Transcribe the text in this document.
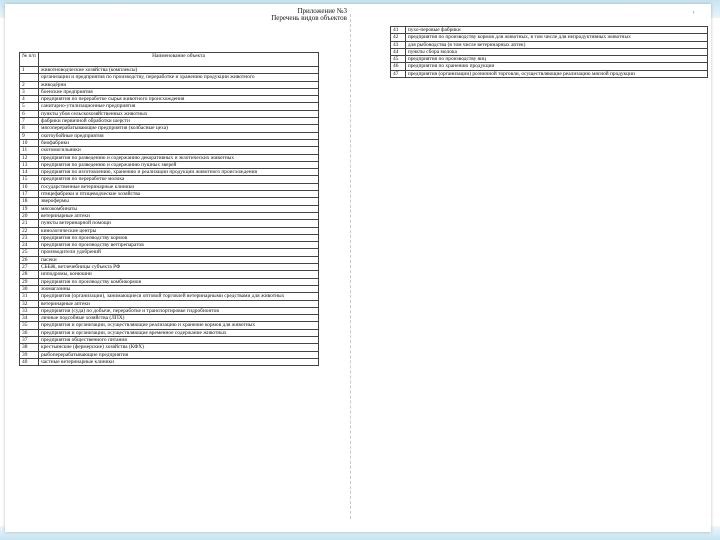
'
Приложение №3
Перечень видов объектов
№ п/п	Наименование объекта
1	животноводческие хозяйства (комплексы)
	организации и предприятия по производству, переработке и хранению продукции животного
2	живодёрни
3	боенские предприятия
4	предприятия по переработке сырья животного происхождения
5	санитарно-утилизационные предприятия
6	пункты убоя сельскохозяйственных животных
7	фабрики первичной обработки шерсти
8	мясоперерабатывающие предприятия (колбасные цеха)
9	скотоубойные предприятия
10	биофабрики
11	скотомогильники
12	предприятия по разведению и содержанию декоративных и экзотических животных
13	предприятия по разведению и содержанию пушных зверей
14	предприятия по изготовлению, хранению и реализации продукции животного происхождения
15	предприятия по переработке молока
16	государственные ветеринарные клиники
17	птицефабрики и птицеводческие хозяйства
18	зверофермы
19	мясокомбинаты
20	ветеринарные аптеки
21	пункты ветеринарной помощи
22	кинологические центры
23	предприятия по производству кормов
24	предприятия по производству ветпрепаратов
25	производители удобрений
26	пасеки
27	СББЖ, ветлечебницы субъекта РФ
28	ипподромы, конюшни
29	предприятия по производству комбикормов
30	зоомагазины
31	предприятия (организации), занимающиеся оптовой торговлей ветеринарными средствами для животных
32	ветеринарные аптеки
33	предприятия (суда) по добыче, переработке и транспортировке гидробионтов
34	личные подсобные хозяйства (ЛПХ)
35	предприятия и организации, осуществляющие реализацию и хранение кормов для животных
36	предприятия и организации, осуществляющие временное содержание животных
37	предприятия общественного питания
38	крестьянские (фермерские) хозяйства (КФХ)
39	рыбоперерабатывающие предприятия
40	частные ветеринарные клиники
41	пухо-перовые фабрики
42	предприятия по производству кормов для животных, в том числе для непродуктивных животных
43	для рыбоводства (в том числе ветеринарных аптек)
44	пункты сбора молока
45	предприятия по производству яиц
46	предприятия по хранению продукции
47	предприятия (организации) розничной торговли, осуществляющие реализацию мясной продукции
